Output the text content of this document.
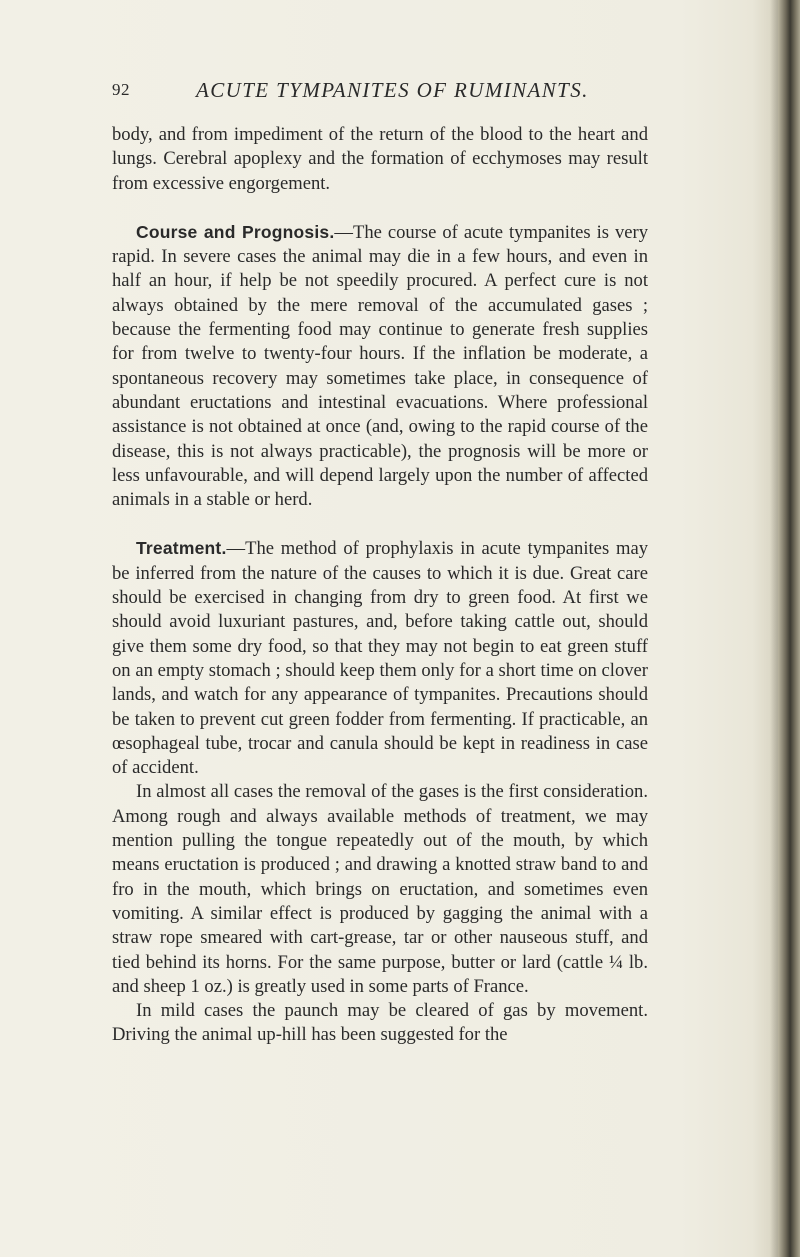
92	ACUTE TYMPANITES OF RUMINANTS.

body, and from impediment of the return of the blood to the heart and lungs. Cerebral apoplexy and the formation of ecchymoses may result from excessive engorgement.

Course and Prognosis.—The course of acute tympanites is very rapid. In severe cases the animal may die in a few hours, and even in half an hour, if help be not speedily procured. A perfect cure is not always obtained by the mere removal of the accumulated gases ; because the fermenting food may continue to generate fresh supplies for from twelve to twenty-four hours. If the inflation be moderate, a spontaneous recovery may sometimes take place, in consequence of abundant eructations and intestinal evacuations. Where professional assistance is not obtained at once (and, owing to the rapid course of the disease, this is not always practicable), the prognosis will be more or less unfavourable, and will depend largely upon the number of affected animals in a stable or herd.

Treatment.—The method of prophylaxis in acute tympanites may be inferred from the nature of the causes to which it is due. Great care should be exercised in changing from dry to green food. At first we should avoid luxuriant pastures, and, before taking cattle out, should give them some dry food, so that they may not begin to eat green stuff on an empty stomach ; should keep them only for a short time on clover lands, and watch for any appearance of tympanites. Precautions should be taken to prevent cut green fodder from fermenting. If practicable, an œsophageal tube, trocar and canula should be kept in readiness in case of accident.

In almost all cases the removal of the gases is the first consideration. Among rough and always available methods of treatment, we may mention pulling the tongue repeatedly out of the mouth, by which means eructation is produced ; and drawing a knotted straw band to and fro in the mouth, which brings on eructation, and sometimes even vomiting. A similar effect is produced by gagging the animal with a straw rope smeared with cart-grease, tar or other nauseous stuff, and tied behind its horns. For the same purpose, butter or lard (cattle ¼ lb. and sheep 1 oz.) is greatly used in some parts of France.

In mild cases the paunch may be cleared of gas by movement. Driving the animal up-hill has been suggested for the
